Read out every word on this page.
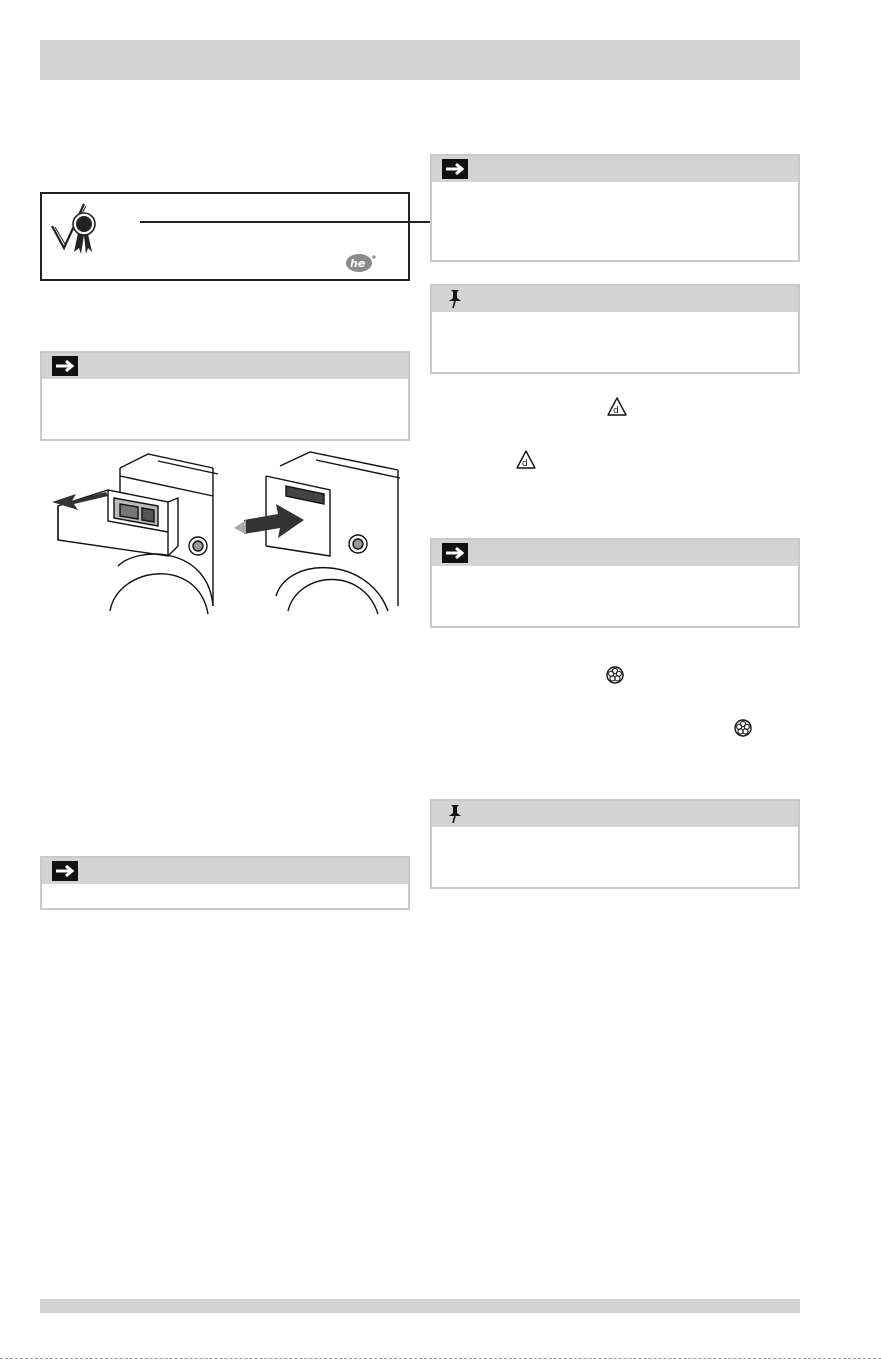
he
d
d
